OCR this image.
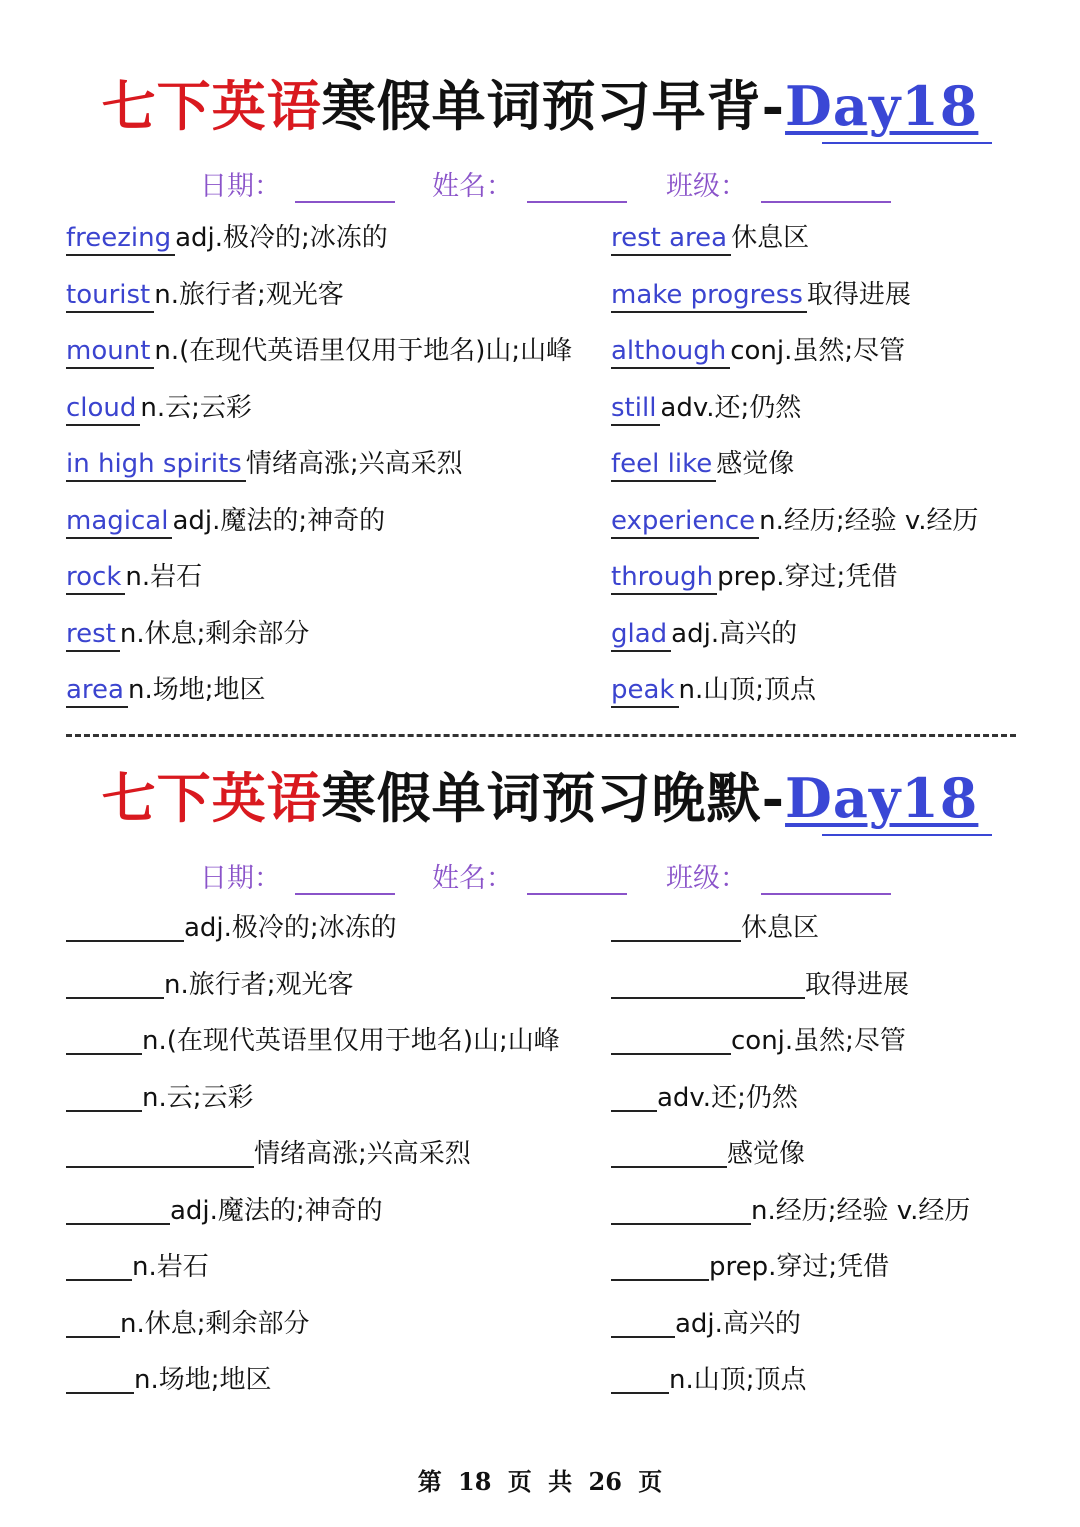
七下英语寒假单词预习早背-Day18
日期：	姓名：	班级：
freezing adj.极冷的;冰冻的
tourist n.旅行者;观光客
mount n.(在现代英语里仅用于地名)山;山峰
cloud n.云;云彩
in high spirits 情绪高涨;兴高采烈
magical adj.魔法的;神奇的
rock n.岩石
rest n.休息;剩余部分
area n.场地;地区
rest area 休息区
make progress 取得进展
although conj.虽然;尽管
still adv.还;仍然
feel like 感觉像
experience n.经历;经验 v.经历
through prep.穿过;凭借
glad adj.高兴的
peak n.山顶;顶点
七下英语寒假单词预习晚默-Day18
日期：	姓名：	班级：
adj.极冷的;冰冻的
n.旅行者;观光客
n.(在现代英语里仅用于地名)山;山峰
n.云;云彩
情绪高涨;兴高采烈
adj.魔法的;神奇的
n.岩石
n.休息;剩余部分
n.场地;地区
休息区
取得进展
conj.虽然;尽管
adv.还;仍然
感觉像
n.经历;经验 v.经历
prep.穿过;凭借
adj.高兴的
n.山顶;顶点
第 18 页 共 26 页
